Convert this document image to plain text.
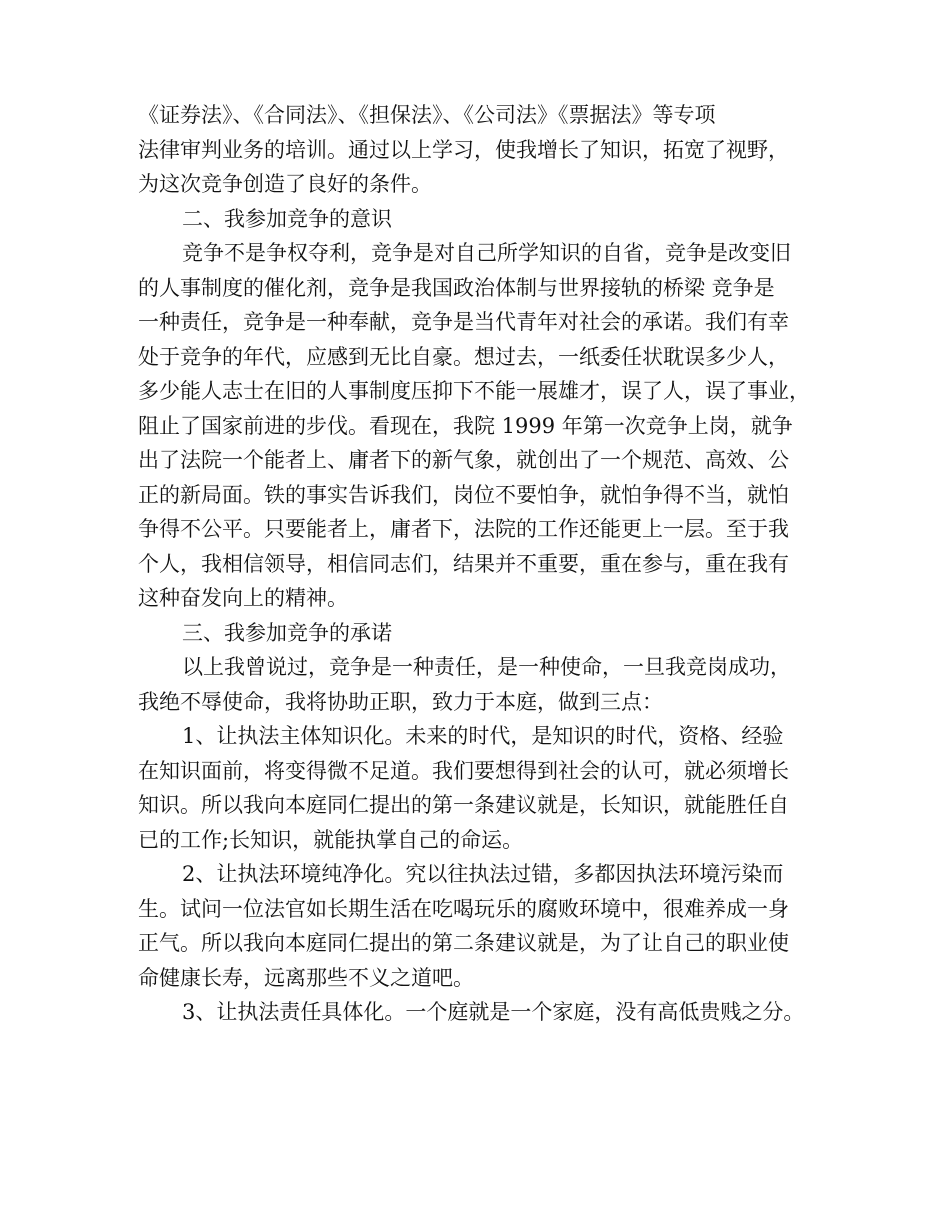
《证券法》、《合同法》、《担保法》、《公司法》《票据法》等专项
法律审判业务的培训。通过以上学习，使我增长了知识，拓宽了视野，
为这次竞争创造了良好的条件。
二、我参加竞争的意识
竞争不是争权夺利，竞争是对自己所学知识的自省，竞争是改变旧
的人事制度的催化剂，竞争是我国政治体制与世界接轨的桥梁 竞争是
一种责任，竞争是一种奉献，竞争是当代青年对社会的承诺。我们有幸
处于竞争的年代，应感到无比自豪。想过去，一纸委任状耽误多少人，
多少能人志士在旧的人事制度压抑下不能一展雄才，误了人，误了事业，
阻止了国家前进的步伐。看现在，我院 1999 年第一次竞争上岗，就争
出了法院一个能者上、庸者下的新气象，就创出了一个规范、高效、公
正的新局面。铁的事实告诉我们，岗位不要怕争，就怕争得不当，就怕
争得不公平。只要能者上，庸者下，法院的工作还能更上一层。至于我
个人，我相信领导，相信同志们，结果并不重要，重在参与，重在我有
这种奋发向上的精神。
三、我参加竞争的承诺
以上我曾说过，竞争是一种责任，是一种使命，一旦我竞岗成功，
我绝不辱使命，我将协助正职，致力于本庭，做到三点：
1、让执法主体知识化。未来的时代，是知识的时代，资格、经验
在知识面前，将变得微不足道。我们要想得到社会的认可，就必须增长
知识。所以我向本庭同仁提出的第一条建议就是，长知识，就能胜任自
已的工作;长知识，就能执掌自己的命运。
2、让执法环境纯净化。究以往执法过错，多都因执法环境污染而
生。试问一位法官如长期生活在吃喝玩乐的腐败环境中，很难养成一身
正气。所以我向本庭同仁提出的第二条建议就是，为了让自己的职业使
命健康长寿，远离那些不义之道吧。
3、让执法责任具体化。一个庭就是一个家庭，没有高低贵贱之分。
